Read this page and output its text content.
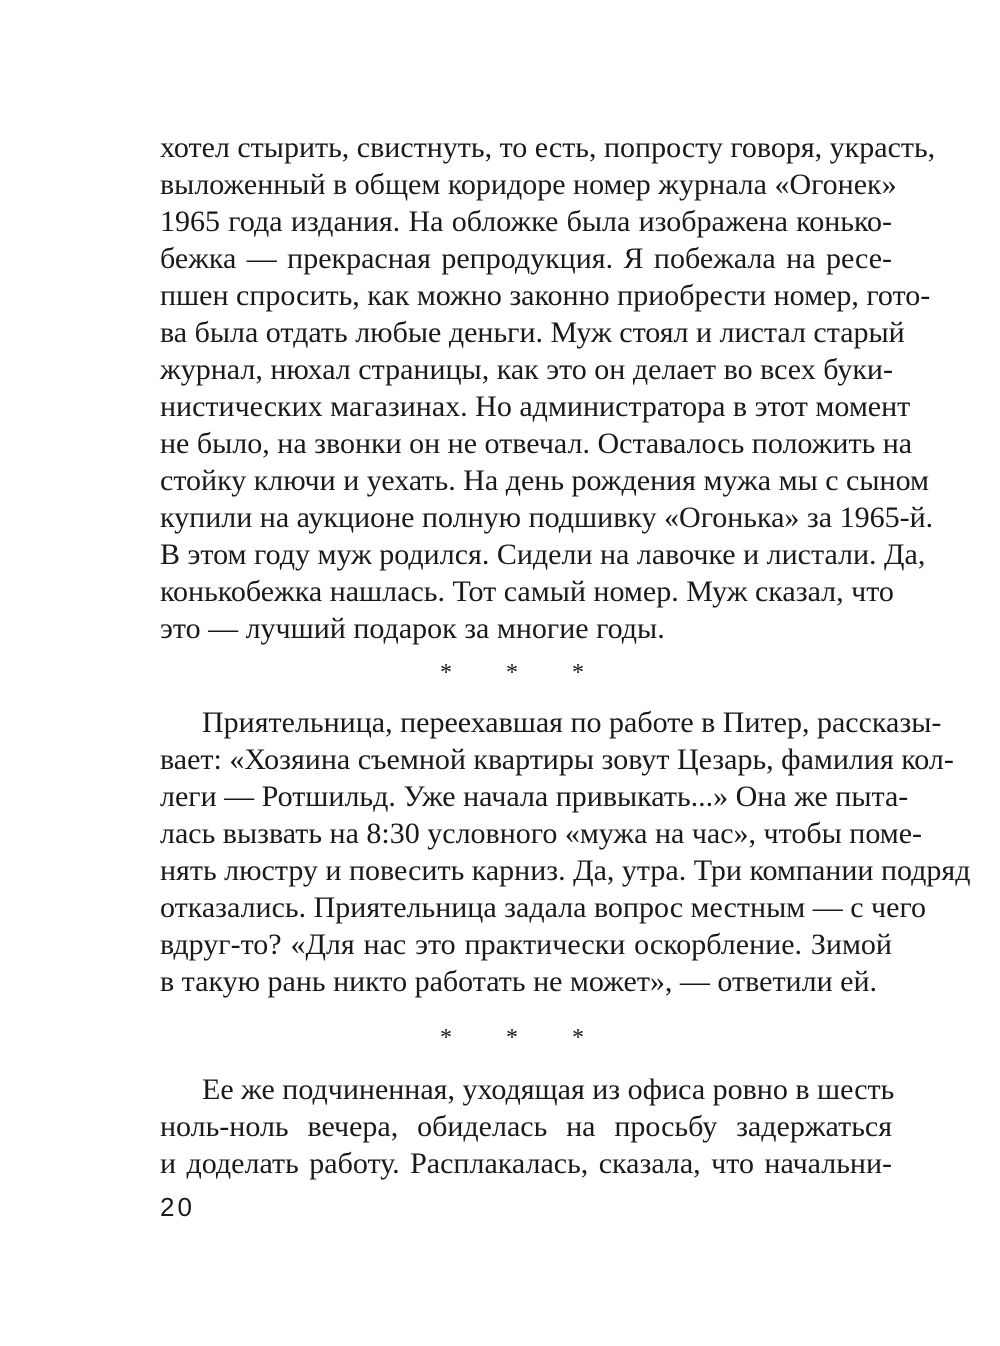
хотел стырить, свистнуть, то есть, попросту говоря, украсть,
выложенный в общем коридоре номер журнала «Огонек»
1965 года издания. На обложке была изображена конько-
бежка — прекрасная репродукция. Я побежала на ресе-
пшен спросить, как можно законно приобрести номер, гото-
ва была отдать любые деньги. Муж стоял и листал старый
журнал, нюхал страницы, как это он делает во всех буки-
нистических магазинах. Но администратора в этот момент
не было, на звонки он не отвечал. Оставалось положить на
стойку ключи и уехать. На день рождения мужа мы с сыном
купили на аукционе полную подшивку «Огонька» за 1965-й.
В этом году муж родился. Сидели на лавочке и листали. Да,
конькобежка нашлась. Тот самый номер. Муж сказал, что
это — лучший подарок за многие годы.
* * *
Приятельница, переехавшая по работе в Питер, рассказы-
вает: «Хозяина съемной квартиры зовут Цезарь, фамилия кол-
леги — Ротшильд. Уже начала привыкать...» Она же пыта-
лась вызвать на 8:30 условного «мужа на час», чтобы поме-
нять люстру и повесить карниз. Да, утра. Три компании подряд
отказались. Приятельница задала вопрос местным — с чего
вдруг-то? «Для нас это практически оскорбление. Зимой
в такую рань никто работать не может», — ответили ей.
* * *
Ее же подчиненная, уходящая из офиса ровно в шесть
ноль-ноль вечера, обиделась на просьбу задержаться
и доделать работу. Расплакалась, сказала, что начальни-
20
